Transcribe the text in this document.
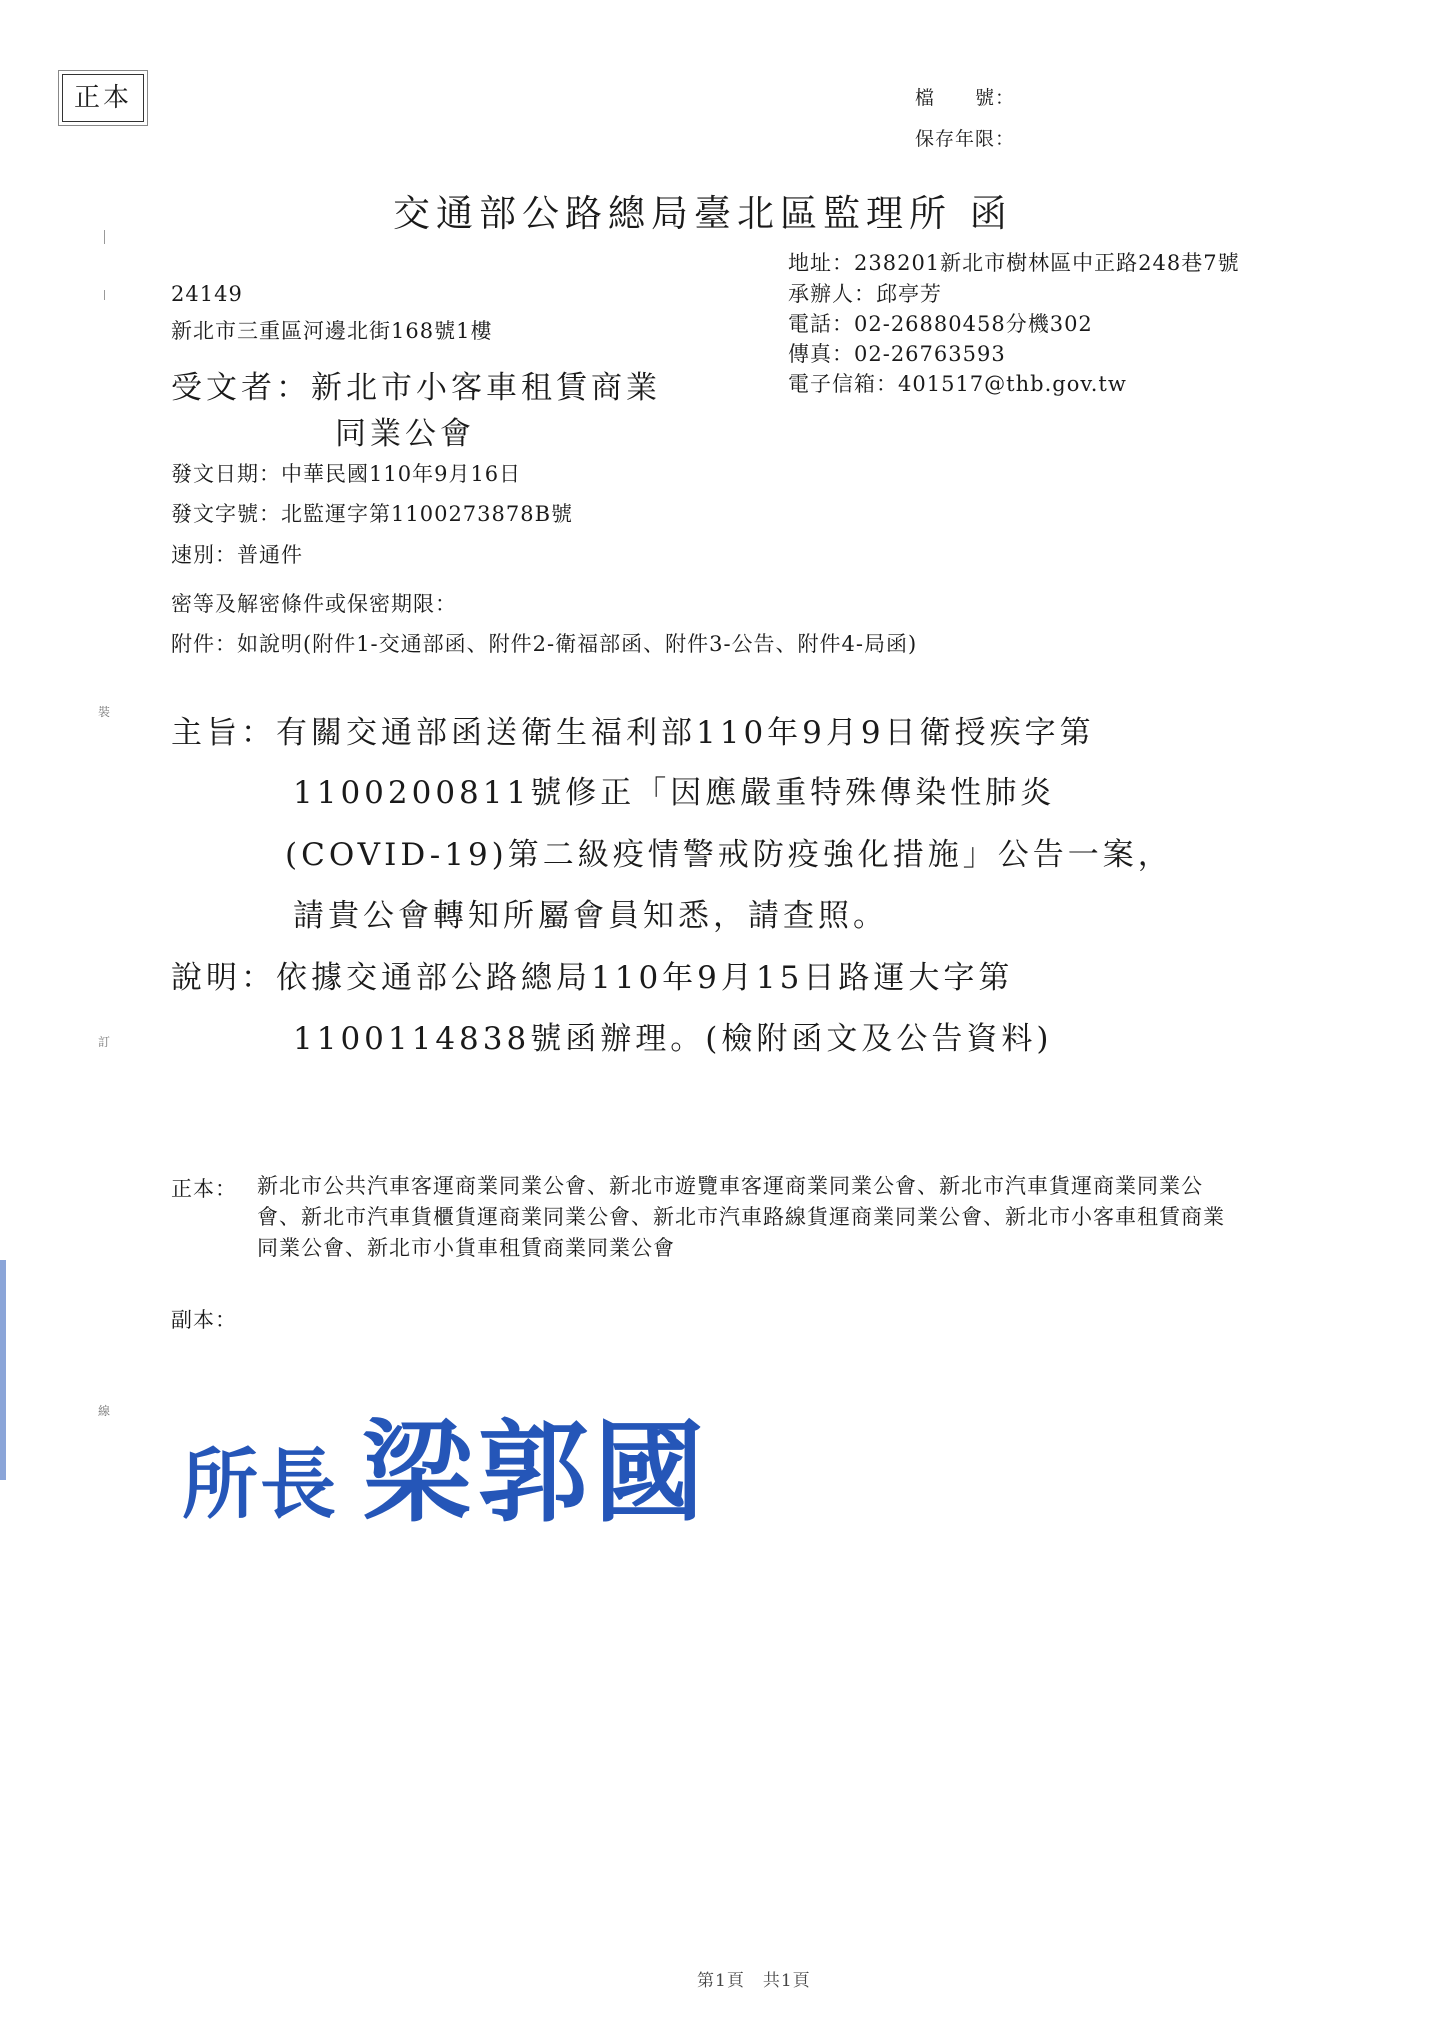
正本	檔　　號：
保存年限：
交通部公路總局臺北區監理所 函
地址：238201新北市樹林區中正路248巷7號
承辦人：邱亭芳
電話：02-26880458分機302
傳真：02-26763593
電子信箱：401517@thb.gov.tw
24149
新北市三重區河邊北街168號1樓
受文者：新北市小客車租賃商業
同業公會
發文日期：中華民國110年9月16日
發文字號：北監運字第1100273878B號
速別：普通件
密等及解密條件或保密期限：
附件：如說明(附件1-交通部函、附件2-衛福部函、附件3-公告、附件4-局函)
主旨：有關交通部函送衛生福利部110年9月9日衛授疾字第
1100200811號修正「因應嚴重特殊傳染性肺炎
(COVID-19)第二級疫情警戒防疫強化措施」公告一案，
請貴公會轉知所屬會員知悉，請查照。
說明：依據交通部公路總局110年9月15日路運大字第
1100114838號函辦理。(檢附函文及公告資料)
正本： 新北市公共汽車客運商業同業公會、新北市遊覽車客運商業同業公會、新北市汽車貨運商業同業公會、新北市汽車貨櫃貨運商業同業公會、新北市汽車路線貨運商業同業公會、新北市小客車租賃商業同業公會、新北市小貨車租賃商業同業公會
副本：
所長 梁郭國
裝
訂
線
第1頁　共1頁
